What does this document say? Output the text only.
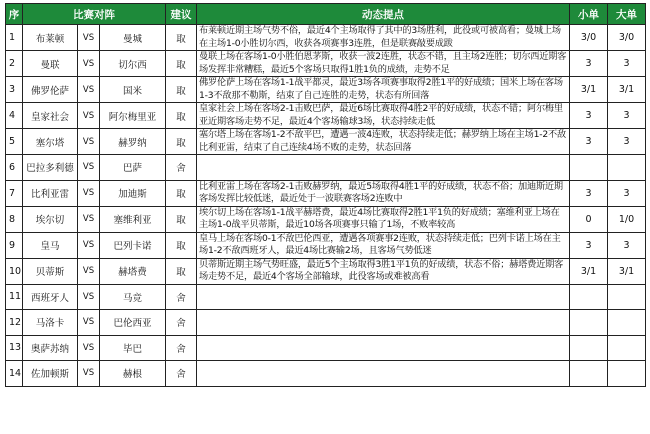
序	比赛对阵			建议	动态提点	小单	大单
1	布莱顿	VS	曼城	取	布莱顿近期主场气势不俗，最近4个主场取得了其中的3场胜利，此役或可被高看；曼城上场在主场1-0小胜切尔西，收获各项赛事3连胜，但是联赛敲要成跋	3/0	3/0
2	曼联	VS	切尔西	取	曼联上场在客场1-0小胜伯恩茅斯，收获一波2连胜，状态不错，且主场2连胜；切尔西近期客场发挥非常糟糕，最近5个客场只取得1胜1负的成绩，走势不足	3	3
3	佛罗伦萨	VS	国米	取	佛罗伦萨上场在客场1-1战平都灵，最近3场各项赛事取得2胜1平的好成绩；国米上场在客场1-3不敌那不勒斯，结束了自己连胜的走势，状态有所回落	3/1	3/1
4	皇家社会	VS	阿尔梅里亚	取	皇家社会上场在客场2-1击败巴萨，最近6场比赛取得4胜2平的好成绩，状态不错；阿尔梅里亚近期客场走势不足，最近4个客场输球3场，状态持续走低	3	3
5	塞尔塔	VS	赫罗纳	取	塞尔塔上场在客场1-2不敌平巴，遭遇一波4连败，状态持续走低；赫罗纳上场在主场1-2不敌比利亚雷，结束了自己连续4场不败的走势，状态回落	3	3
6	巴拉多利德	VS	巴萨	舍			
7	比利亚雷	VS	加迪斯	取	比利亚雷上场在客场2-1击败赫罗纳，最近5场取得4胜1平的好成绩，状态不俗；加迪斯近期客场发挥比较低迷，最近处于一波联赛客场2连败中	3	3
8	埃尔切	VS	塞维利亚	取	埃尔切上场在客场1-1战平赫塔费，最近4场比赛取得2胜1平1负的好成绩；塞维利亚上场在主场1-0战平贝蒂斯，最近10场各项赛事只输了1场，不败率较高	0	1/0
9	皇马	VS	巴列卡诺	取	皇马上场在客场0-1不敌巴伦西亚，遭遇各项赛事2连败，状态持续走低；巴列卡诺上场在主场1-2不敌西班牙人，最近4场比赛输2场，且客场气势低迷	3	3
10	贝蒂斯	VS	赫塔费	取	贝蒂斯近期主场气势旺盛，最近5个主场取得3胜1平1负的好成绩，状态不俗；赫塔费近期客场走势不足，最近4个客场全部输球，此役客场或难被高看	3/1	3/1
11	西班牙人	VS	马竞	舍			
12	马洛卡	VS	巴伦西亚	舍			
13	奥萨苏纳	VS	毕巴	舍			
14	佐加顿斯	VS	赫根	舍			
